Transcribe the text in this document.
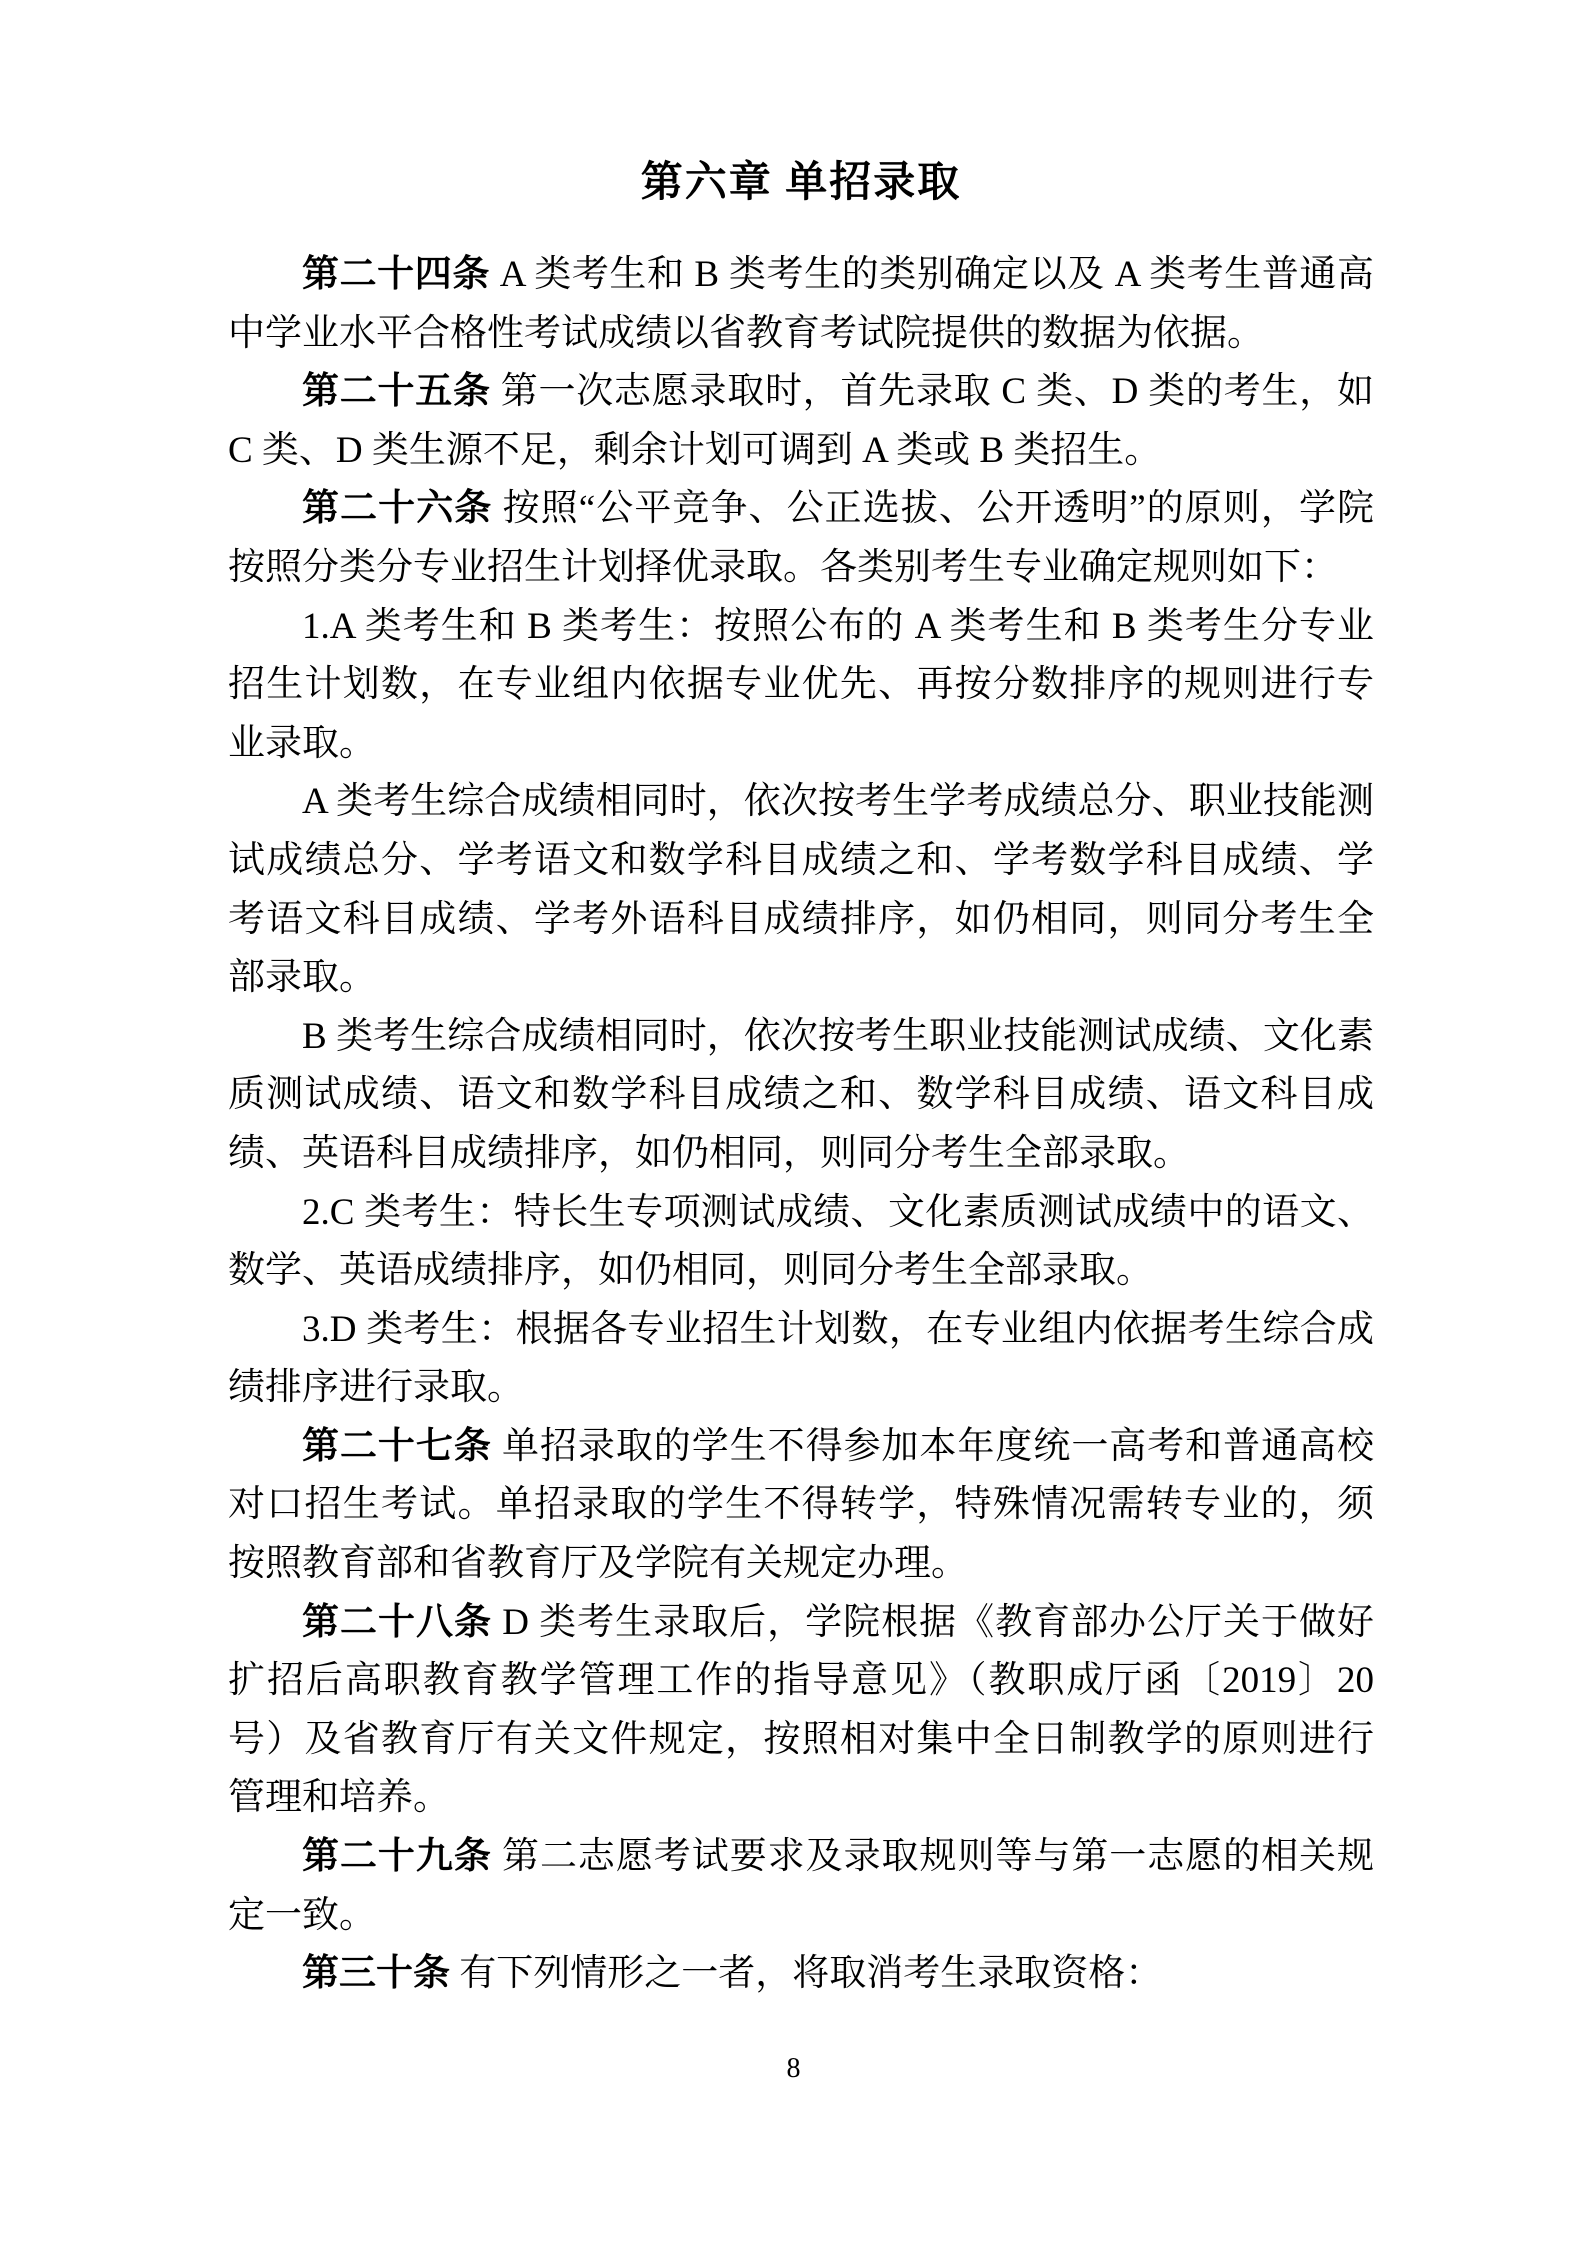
第六章 单招录取

第二十四条 A 类考生和 B 类考生的类别确定以及 A 类考生普通高中学业水平合格性考试成绩以省教育考试院提供的数据为依据。

第二十五条 第一次志愿录取时，首先录取 C 类、D 类的考生，如 C 类、D 类生源不足，剩余计划可调到 A 类或 B 类招生。

第二十六条 按照“公平竞争、公正选拔、公开透明”的原则，学院按照分类分专业招生计划择优录取。各类别考生专业确定规则如下：

1.A 类考生和 B 类考生：按照公布的 A 类考生和 B 类考生分专业招生计划数，在专业组内依据专业优先、再按分数排序的规则进行专业录取。

A 类考生综合成绩相同时，依次按考生学考成绩总分、职业技能测试成绩总分、学考语文和数学科目成绩之和、学考数学科目成绩、学考语文科目成绩、学考外语科目成绩排序，如仍相同，则同分考生全部录取。

B 类考生综合成绩相同时，依次按考生职业技能测试成绩、文化素质测试成绩、语文和数学科目成绩之和、数学科目成绩、语文科目成绩、英语科目成绩排序，如仍相同，则同分考生全部录取。

2.C 类考生：特长生专项测试成绩、文化素质测试成绩中的语文、数学、英语成绩排序，如仍相同，则同分考生全部录取。

3.D 类考生：根据各专业招生计划数，在专业组内依据考生综合成绩排序进行录取。

第二十七条 单招录取的学生不得参加本年度统一高考和普通高校对口招生考试。单招录取的学生不得转学，特殊情况需转专业的，须按照教育部和省教育厅及学院有关规定办理。

第二十八条 D 类考生录取后，学院根据《教育部办公厅关于做好扩招后高职教育教学管理工作的指导意见》（教职成厅函〔2019〕20号）及省教育厅有关文件规定，按照相对集中全日制教学的原则进行管理和培养。

第二十九条 第二志愿考试要求及录取规则等与第一志愿的相关规定一致。

第三十条 有下列情形之一者，将取消考生录取资格：

8
